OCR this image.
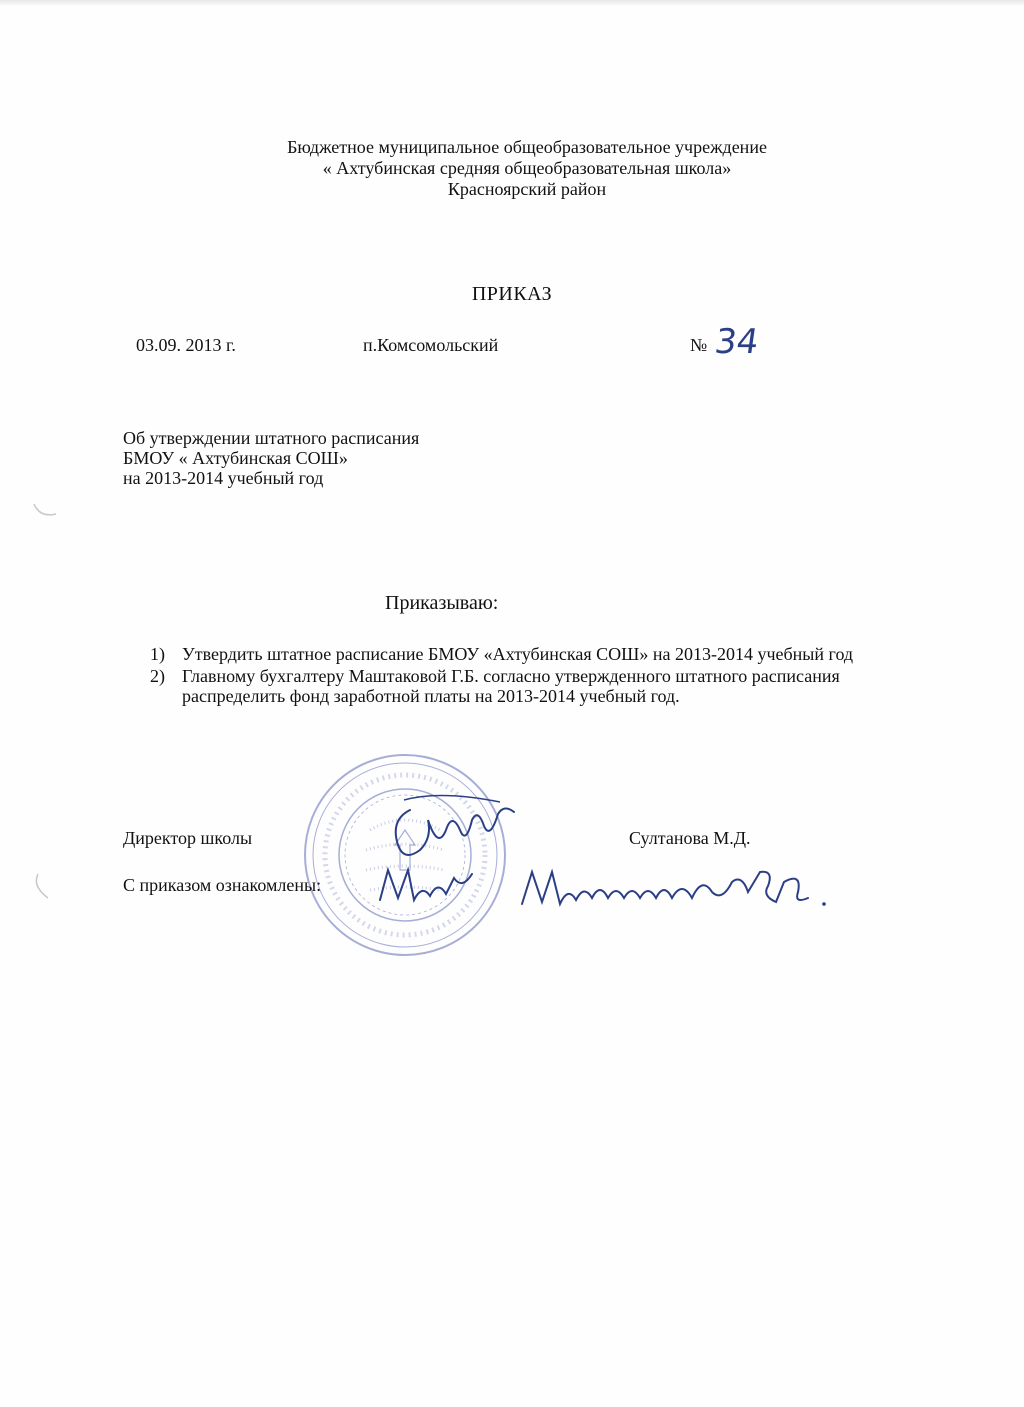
Бюджетное муниципальное общеобразовательное учреждение
« Ахтубинская средняя общеобразовательная школа»
Красноярский район
ПРИКАЗ
03.09. 2013 г.	п.Комсомольский	№ 34
Об утверждении штатного расписания
БМОУ « Ахтубинская СОШ»
на 2013-2014 учебный год
Приказываю:
1) Утвердить штатное расписание БМОУ «Ахтубинская СОШ» на 2013-2014 учебный год
2) Главному бухгалтеру Маштаковой Г.Б. согласно утвержденного штатного расписания распределить фонд заработной платы на 2013-2014 учебный год.
Директор школы	Султанова М.Д.
С приказом ознакомлены:
